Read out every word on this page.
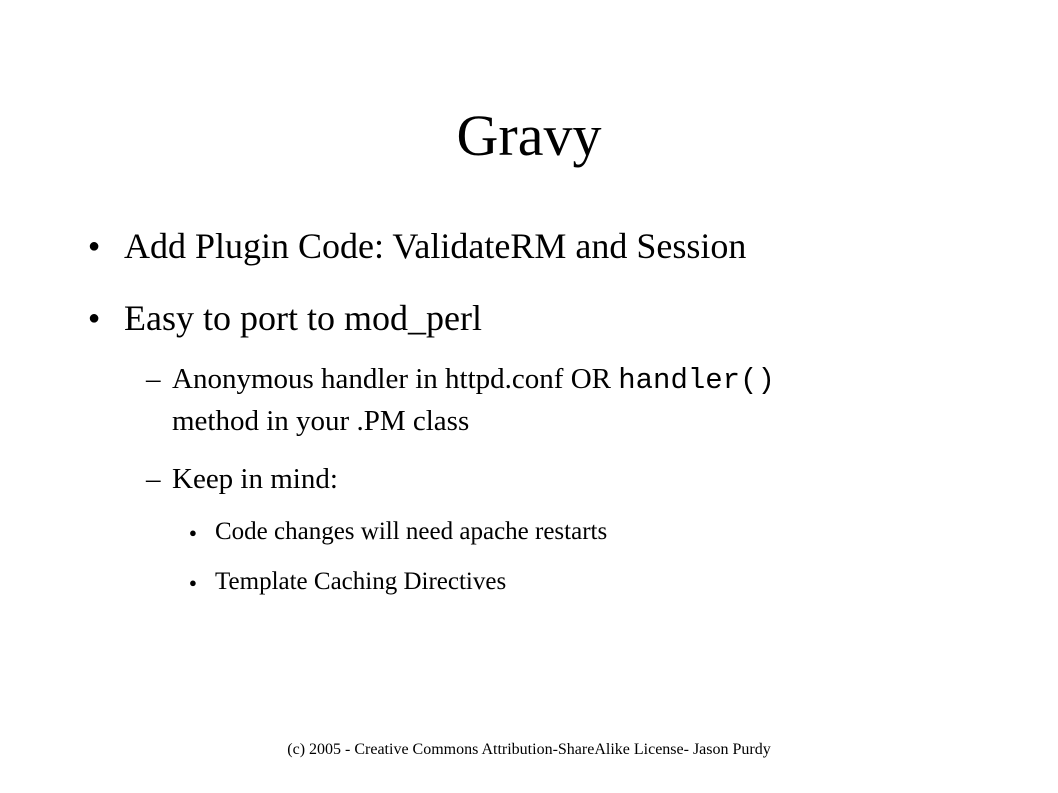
Gravy
● Add Plugin Code: ValidateRM and Session
● Easy to port to mod_perl
– Anonymous handler in httpd.conf OR handler()
method in your .PM class
– Keep in mind:
● Code changes will need apache restarts
● Template Caching Directives
(c) 2005 - Creative Commons Attribution-ShareAlike License- Jason Purdy
